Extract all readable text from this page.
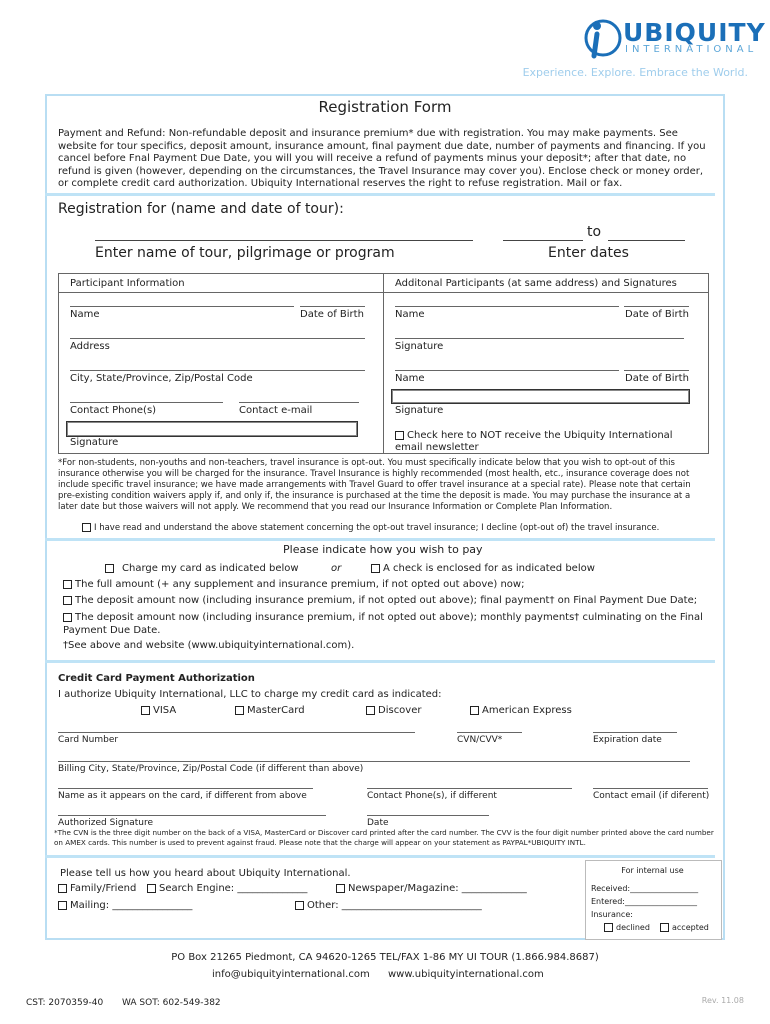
UBIQUITY
INTERNATIONAL
Experience. Explore. Embrace the World.
Registration Form
Payment and Refund: Non-refundable deposit and insurance premium* due with registration. You may make payments. See website for tour specifics, deposit amount, insurance amount, final payment due date, number of payments and financing. If you cancel before Fnal Payment Due Date, you will you will receive a refund of payments minus your deposit*; after that date, no refund is given (however, depending on the circumstances, the Travel Insurance may cover you). Enclose check or money order, or complete credit card authorization. Ubiquity International reserves the right to refuse registration. Mail or fax.
Registration for (name and date of tour):
to
Enter name of tour, pilgrimage or program	Enter dates
Participant Information	Additonal Participants (at same address) and Signatures
Name	Date of Birth
Address
City, State/Province, Zip/Postal Code
Contact Phone(s)	Contact e-mail
Signature
Name	Date of Birth
Signature
Name	Date of Birth
Signature
Check here to NOT receive the Ubiquity International email newsletter
*For non-students, non-youths and non-teachers, travel insurance is opt-out. You must specifically indicate below that you wish to opt-out of this insurance otherwise you will be charged for the insurance. Travel Insurance is highly recommended (most health, etc., insurance coverage does not include specific travel insurance; we have made arrangements with Travel Guard to offer travel insurance at a special rate). Please note that certain pre-existing condition waivers apply if, and only if, the insurance is purchased at the time the deposit is made. You may purchase the insurance at a later date but those waivers will not apply. We recommend that you read our Insurance Information or Complete Plan Information.
I have read and understand the above statement concerning the opt-out travel insurance; I decline (opt-out of) the travel insurance.
Please indicate how you wish to pay
Charge my card as indicated below	or	A check is enclosed for as indicated below
The full amount (+ any supplement and insurance premium, if not opted out above) now;
The deposit amount now (including insurance premium, if not opted out above); final payment† on Final Payment Due Date;
The deposit amount now (including insurance premium, if not opted out above); monthly payments† culminating on the Final Payment Due Date.
†See above and website (www.ubiquityinternational.com).
Credit Card Payment Authorization
I authorize Ubiquity International, LLC to charge my credit card as indicated:
VISA	MasterCard	Discover	American Express
Card Number	CVN/CVV*	Expiration date
Billing City, State/Province, Zip/Postal Code (if different than above)
Name as it appears on the card, if different from above	Contact Phone(s), if different	Contact email (if diferent)
Authorized Signature	Date
*The CVN is the three digit number on the back of a VISA, MasterCard or Discover card printed after the card number. The CVV is the four digit number printed above the card number on AMEX cards. This number is used to prevent against fraud. Please note that the charge will appear on your statement as PAYPAL*UBIQUITY INTL.
Please tell us how you heard about Ubiquity International.
Family/Friend	Search Engine: ______________	Newspaper/Magazine: _____________
Mailing: ________________	Other: ____________________________
For internal use
Received:_________________
Entered:__________________
Insurance:
declined	accepted
PO Box 21265 Piedmont, CA 94620-1265 TEL/FAX 1-86 MY UI TOUR (1.866.984.8687)
info@ubiquityinternational.com www.ubiquityinternational.com
CST: 2070359-40 WA SOT: 602-549-382	Rev. 11.08
